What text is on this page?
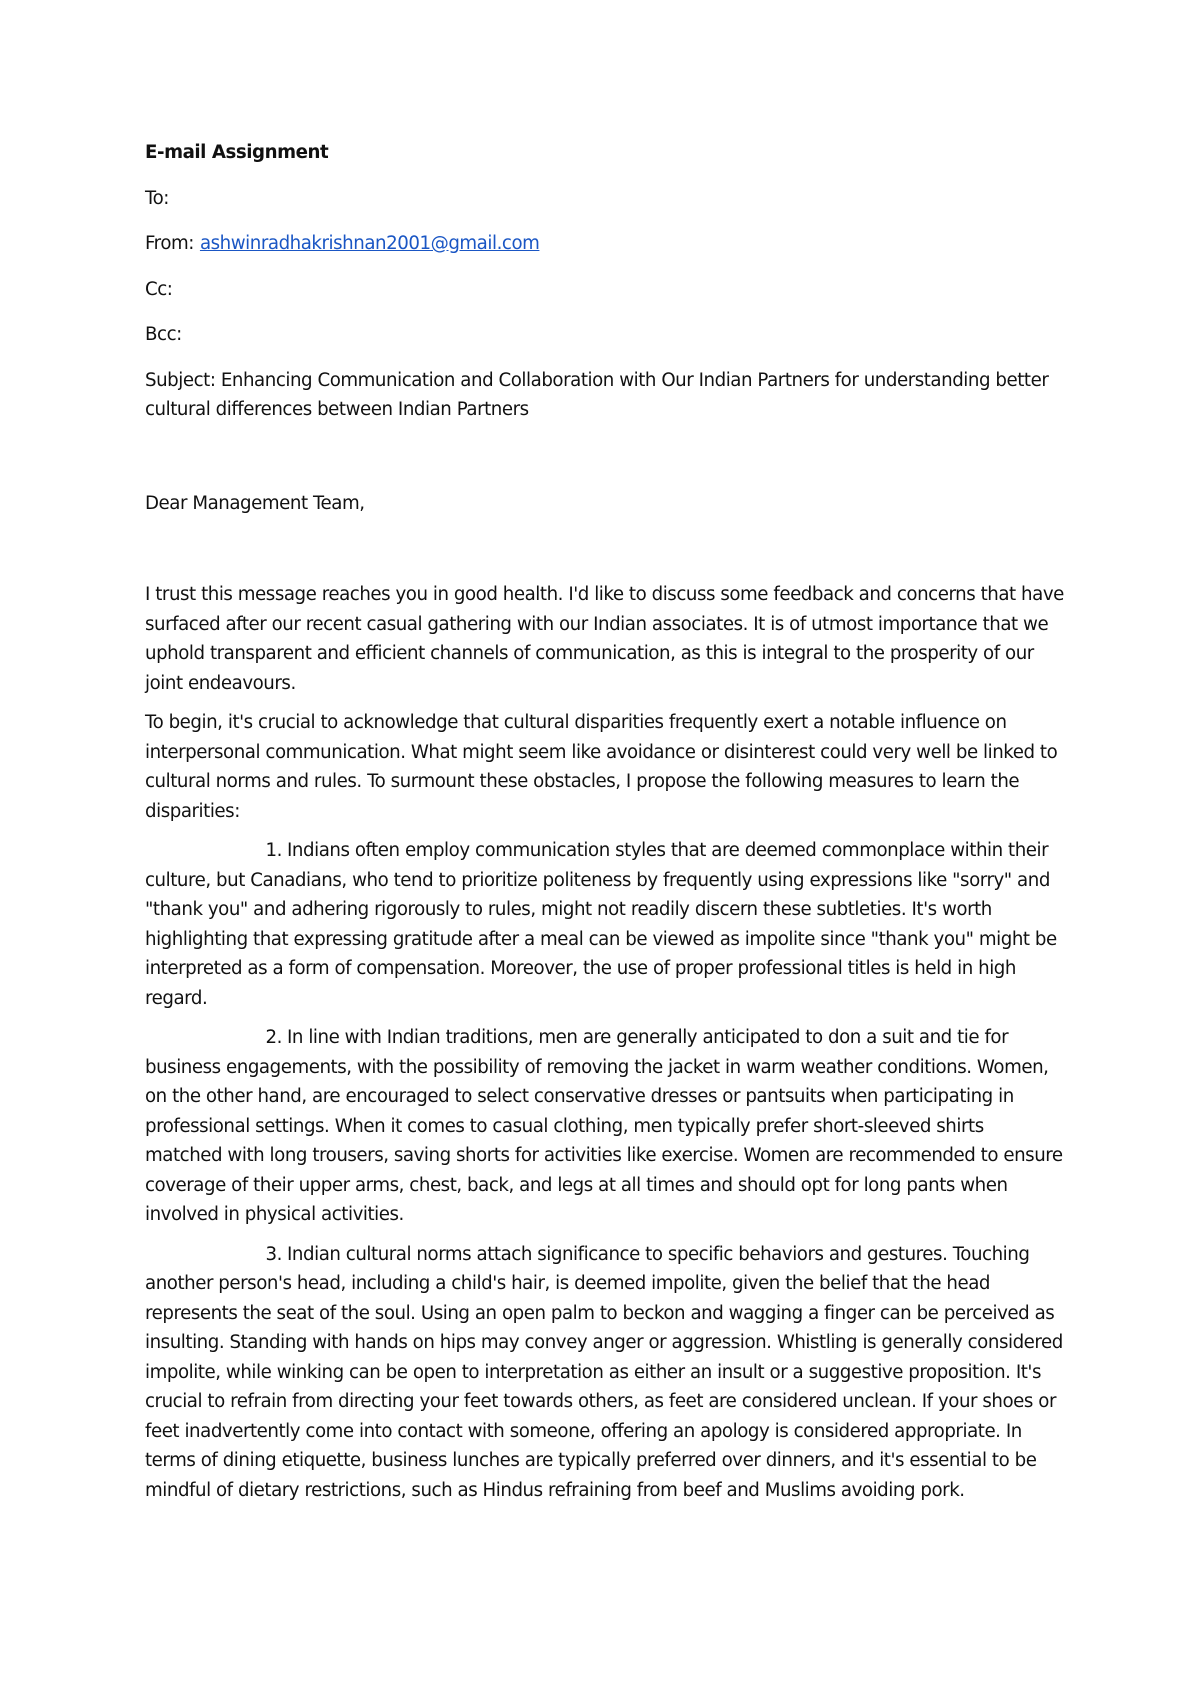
E-mail Assignment
To:
From: ashwinradhakrishnan2001@gmail.com
Cc:
Bcc:
Subject: Enhancing Communication and Collaboration with Our Indian Partners for understanding better cultural differences between Indian Partners
Dear Management Team,
I trust this message reaches you in good health. I'd like to discuss some feedback and concerns that have surfaced after our recent casual gathering with our Indian associates. It is of utmost importance that we uphold transparent and efficient channels of communication, as this is integral to the prosperity of our joint endeavours.
To begin, it's crucial to acknowledge that cultural disparities frequently exert a notable influence on interpersonal communication. What might seem like avoidance or disinterest could very well be linked to cultural norms and rules. To surmount these obstacles, I propose the following measures to learn the disparities:
1. Indians often employ communication styles that are deemed commonplace within their culture, but Canadians, who tend to prioritize politeness by frequently using expressions like "sorry" and "thank you" and adhering rigorously to rules, might not readily discern these subtleties. It's worth highlighting that expressing gratitude after a meal can be viewed as impolite since "thank you" might be interpreted as a form of compensation. Moreover, the use of proper professional titles is held in high regard.
2. In line with Indian traditions, men are generally anticipated to don a suit and tie for business engagements, with the possibility of removing the jacket in warm weather conditions. Women, on the other hand, are encouraged to select conservative dresses or pantsuits when participating in professional settings. When it comes to casual clothing, men typically prefer short-sleeved shirts matched with long trousers, saving shorts for activities like exercise. Women are recommended to ensure coverage of their upper arms, chest, back, and legs at all times and should opt for long pants when involved in physical activities.
3. Indian cultural norms attach significance to specific behaviors and gestures. Touching another person's head, including a child's hair, is deemed impolite, given the belief that the head represents the seat of the soul. Using an open palm to beckon and wagging a finger can be perceived as insulting. Standing with hands on hips may convey anger or aggression. Whistling is generally considered impolite, while winking can be open to interpretation as either an insult or a suggestive proposition. It's crucial to refrain from directing your feet towards others, as feet are considered unclean. If your shoes or feet inadvertently come into contact with someone, offering an apology is considered appropriate. In terms of dining etiquette, business lunches are typically preferred over dinners, and it's essential to be mindful of dietary restrictions, such as Hindus refraining from beef and Muslims avoiding pork.
